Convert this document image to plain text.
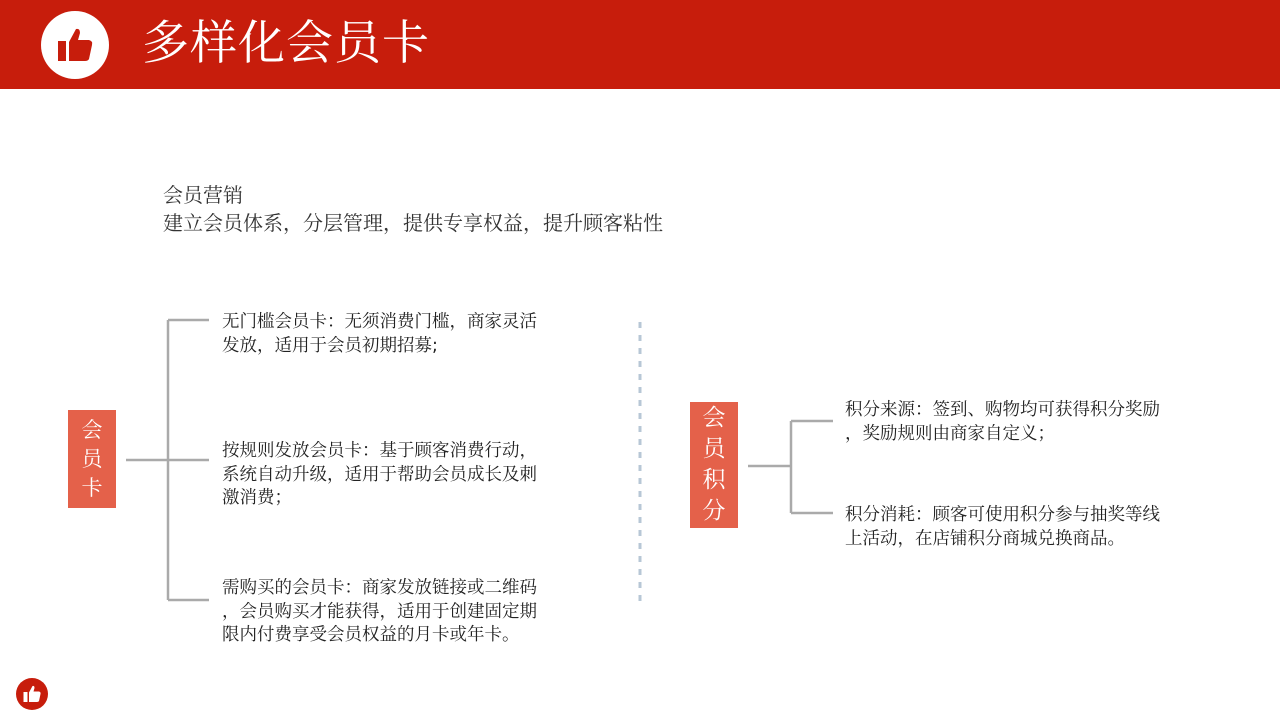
多样化会员卡
会员营销
建立会员体系，分层管理，提供专享权益，提升顾客粘性
会
员
卡
无门槛会员卡：无须消费门槛，商家灵活
发放，适用于会员初期招募;
按规则发放会员卡：基于顾客消费行动，
系统自动升级，适用于帮助会员成长及刺
激消费；
需购买的会员卡：商家发放链接或二维码
，会员购买才能获得，适用于创建固定期
限内付费享受会员权益的月卡或年卡。
会
员
积
分
积分来源：签到、购物均可获得积分奖励
，奖励规则由商家自定义；
积分消耗：顾客可使用积分参与抽奖等线
上活动，在店铺积分商城兑换商品。
